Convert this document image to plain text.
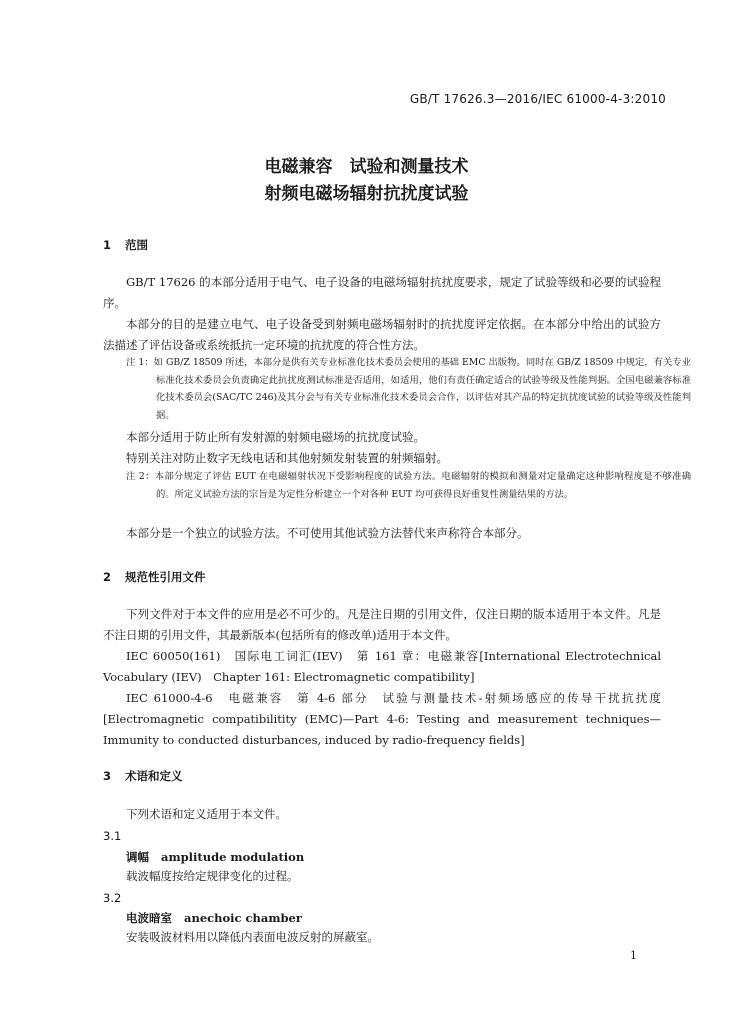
GB/T 17626.3—2016/IEC 61000-4-3:2010
电磁兼容　试验和测量技术
射频电磁场辐射抗扰度试验
1 范围

GB/T 17626 的本部分适用于电气、电子设备的电磁场辐射抗扰度要求，规定了试验等级和必要的试验程序。

本部分的目的是建立电气、电子设备受到射频电磁场辐射时的抗扰度评定依据。在本部分中给出的试验方法描述了评估设备或系统抵抗一定环境的抗扰度的符合性方法。

注 1：如 GB/Z 18509 所述，本部分是供有关专业标准化技术委员会使用的基础 EMC 出版物。同时在 GB/Z 18509 中规定，有关专业标准化技术委员会负责确定此抗扰度测试标准是否适用，如适用，他们有责任确定适合的试验等级及性能判据。全国电磁兼容标准化技术委员会(SAC/TC 246)及其分会与有关专业标准化技术委员会合作，以评估对其产品的特定抗扰度试验的试验等级及性能判据。

本部分适用于防止所有发射源的射频电磁场的抗扰度试验。

特别关注对防止数字无线电话和其他射频发射装置的射频辐射。

注 2：本部分规定了评估 EUT 在电磁辐射状况下受影响程度的试验方法。电磁辐射的模拟和测量对定量确定这种影响程度是不够准确的。所定义试验方法的宗旨是为定性分析建立一个对各种 EUT 均可获得良好重复性测量结果的方法。

本部分是一个独立的试验方法。不可使用其他试验方法替代来声称符合本部分。

2 规范性引用文件

下列文件对于本文件的应用是必不可少的。凡是注日期的引用文件，仅注日期的版本适用于本文件。凡是不注日期的引用文件，其最新版本(包括所有的修改单)适用于本文件。

IEC 60050(161)　国际电工词汇(IEV)　第 161 章：电磁兼容[International Electrotechnical Vocabulary (IEV)　Chapter 161: Electromagnetic compatibility]

IEC 61000-4-6　电磁兼容　第 4-6 部分　试验与测量技术-射频场感应的传导干扰抗扰度[Electromagnetic compatibilitity (EMC)—Part 4-6: Testing and measurement techniques—Immunity to conducted disturbances, induced by radio-frequency fields]

3 术语和定义

下列术语和定义适用于本文件。

3.1
调幅 amplitude modulation

载波幅度按给定规律变化的过程。

3.2
电波暗室 anechoic chamber

安装吸波材料用以降低内表面电波反射的屏蔽室。

1
